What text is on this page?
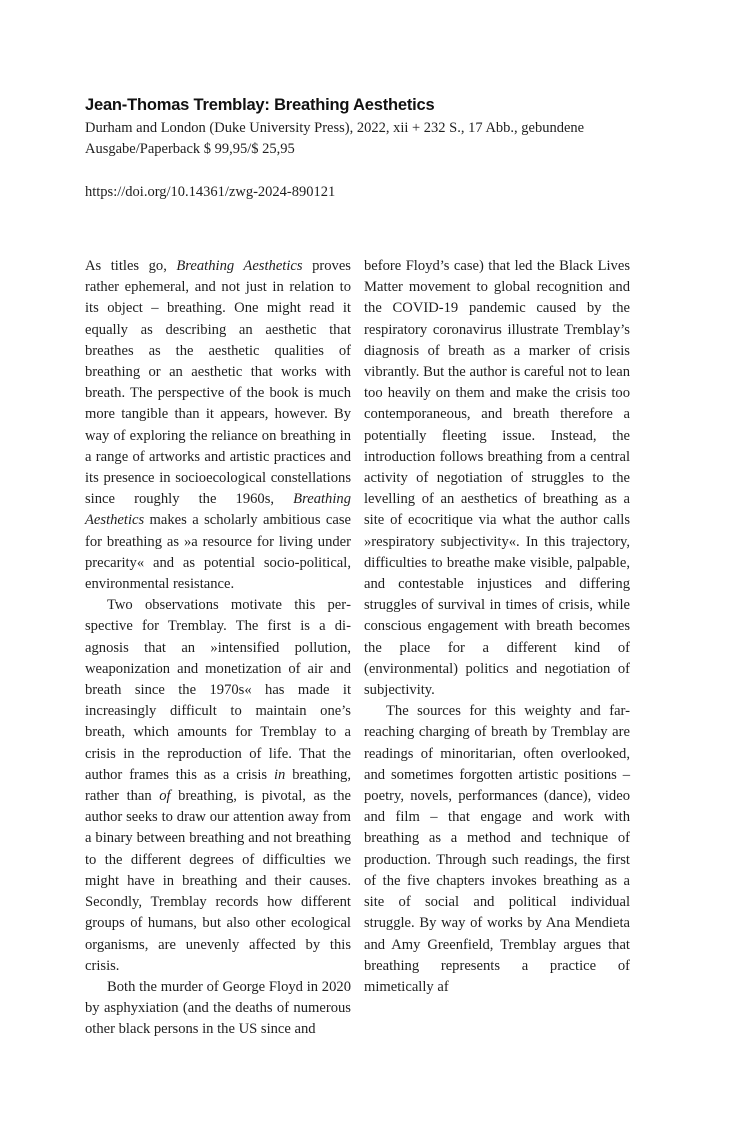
Jean-Thomas Tremblay: Breathing Aesthetics

Durham and London (Duke University Press), 2022, xii + 232 S., 17 Abb., gebundene Ausgabe/Paperback $ 99,95/$ 25,95

https://doi.org/10.14361/zwg-2024-890121

As titles go, Breathing Aesthetics proves rather ephemeral, and not just in relation to its object – breathing. One might read it equally as describing an aesthetic that breathes as the aesthetic qualities of breathing or an aesthetic that works with breath. The perspective of the book is much more tangible than it appears, however. By way of exploring the reliance on breathing in a range of artworks and artistic practices and its presence in socioecological constellations since roughly the 1960s, Breathing Aesthetics makes a scholarly ambitious case for breathing as »a resource for living under precarity« and as potential socio-political, environmental resistance.

Two observations motivate this perspective for Tremblay. The first is a diagnosis that an »intensified pollution, weaponization and monetization of air and breath since the 1970s« has made it increasingly difficult to maintain one’s breath, which amounts for Tremblay to a crisis in the reproduction of life. That the author frames this as a crisis in breathing, rather than of breathing, is pivotal, as the author seeks to draw our attention away from a binary between breathing and not breathing to the different degrees of difficulties we might have in breathing and their causes. Secondly, Tremblay records how different groups of humans, but also other ecological organisms, are unevenly affected by this crisis.

Both the murder of George Floyd in 2020 by asphyxiation (and the deaths of numerous other black persons in the US since and

before Floyd’s case) that led the Black Lives Matter movement to global recognition and the COVID-19 pandemic caused by the respiratory coronavirus illustrate Tremblay’s diagnosis of breath as a marker of crisis vibrantly. But the author is careful not to lean too heavily on them and make the crisis too contemporaneous, and breath therefore a potentially fleeting issue. Instead, the introduction follows breathing from a central activity of negotiation of struggles to the levelling of an aesthetics of breathing as a site of ecocritique via what the author calls »respiratory subjectivity«. In this trajectory, difficulties to breathe make visible, palpable, and contestable injustices and differing struggles of survival in times of crisis, while conscious engagement with breath becomes the place for a different kind of (environmental) politics and negotiation of subjectivity.

The sources for this weighty and far-reaching charging of breath by Tremblay are readings of minoritarian, often overlooked, and sometimes forgotten artistic positions – poetry, novels, performances (dance), video and film – that engage and work with breathing as a method and technique of production. Through such readings, the first of the five chapters invokes breathing as a site of social and political individual struggle. By way of works by Ana Mendieta and Amy Greenfield, Tremblay argues that breathing represents a practice of mimetically af
